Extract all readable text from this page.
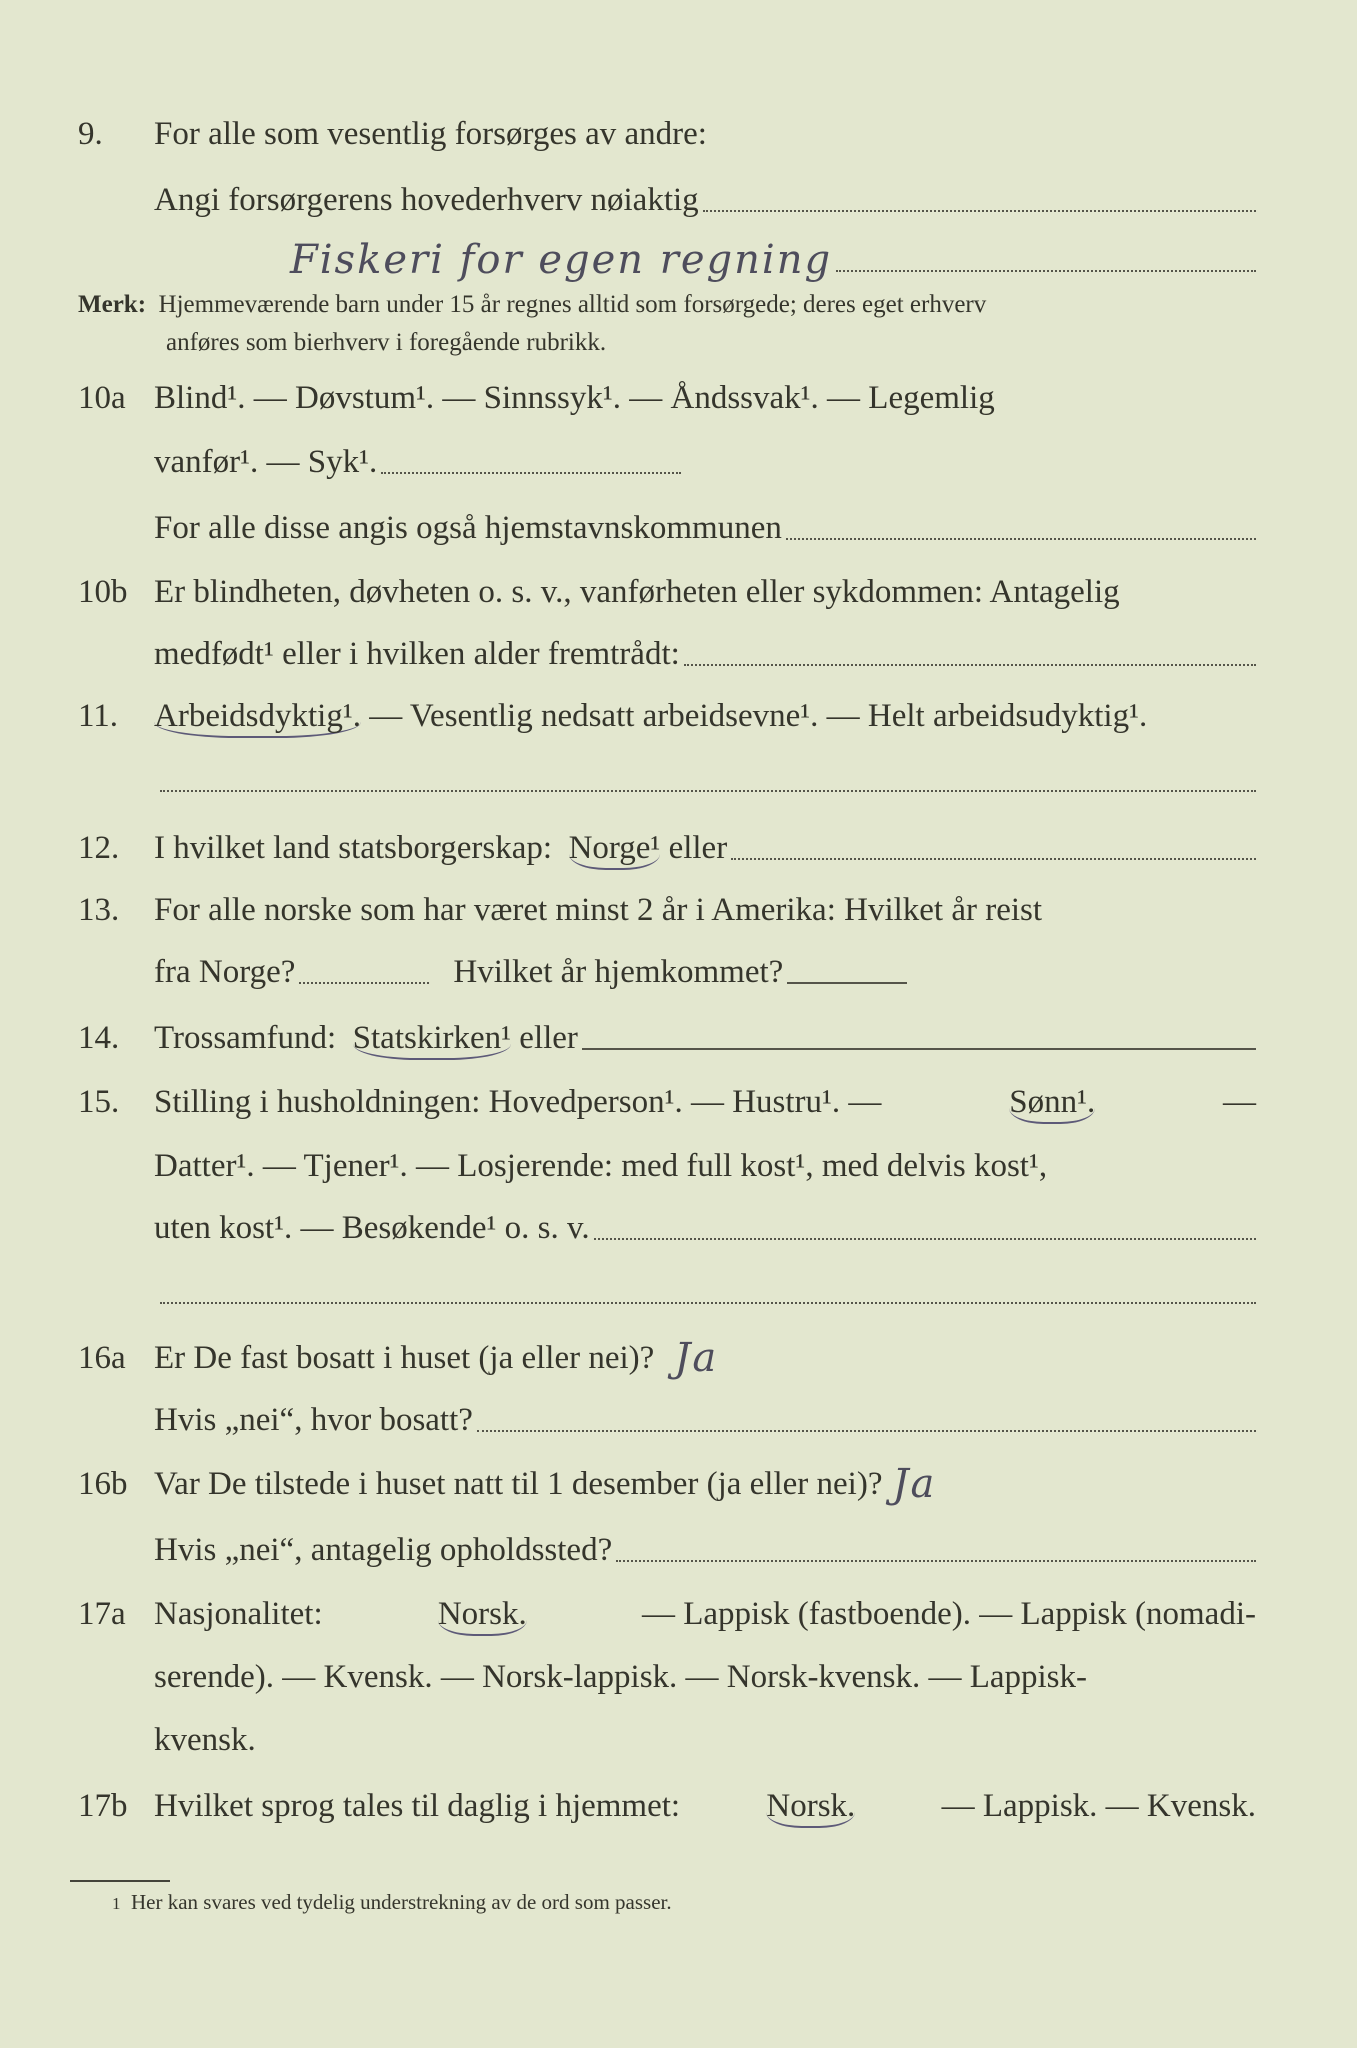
9.	For alle som vesentlig forsørges av andre:
Angi forsørgerens hovederhverv nøiaktig
Fiskeri for egen regning
Merk: Hjemmeværende barn under 15 år regnes alltid som forsørgede; deres eget erhverv
anføres som bierhverv i foregående rubrikk.
10a Blind¹. — Døvstum¹. — Sinnssyk¹. — Åndssvak¹. — Legemlig
vanfør¹. — Syk¹.
For alle disse angis også hjemstavnskommunen
10b Er blindheten, døvheten o. s. v., vanførheten eller sykdommen: Antagelig
medfødt¹ eller i hvilken alder fremtrådt:
11.	Arbeidsdyktig¹.
— Vesentlig nedsatt arbeidsevne¹. — Helt arbeidsudyktig¹.
12.	I hvilket land statsborgerskap:
Norge¹
eller
13.	For alle norske som har været minst 2 år i Amerika: Hvilket år reist
fra Norge?	Hvilket år hjemkommet?
14.	Trossamfund:
Statskirken¹
eller
15.	Stilling i husholdningen: Hovedperson¹. — Hustru¹. —	Sønn¹.	—
Datter¹. — Tjener¹. — Losjerende: med full kost¹, med delvis kost¹,
uten kost¹. — Besøkende¹ o. s. v.
16a Er De fast bosatt i huset (ja eller nei)? Ja
Hvis „nei“, hvor bosatt?
16b Var De tilstede i huset natt til 1 desember (ja eller nei)? Ja
Hvis „nei“, antagelig opholdssted?
17a Nasjonalitet:	Norsk.	— Lappisk (fastboende). — Lappisk (nomadi-
serende). — Kvensk. — Norsk-lappisk. — Norsk-kvensk. — Lappisk-
kvensk.
17b Hvilket sprog tales til daglig i hjemmet:	Norsk.	— Lappisk. — Kvensk.
$^1$ Her kan svares ved tydelig understrekning av de ord som passer.
